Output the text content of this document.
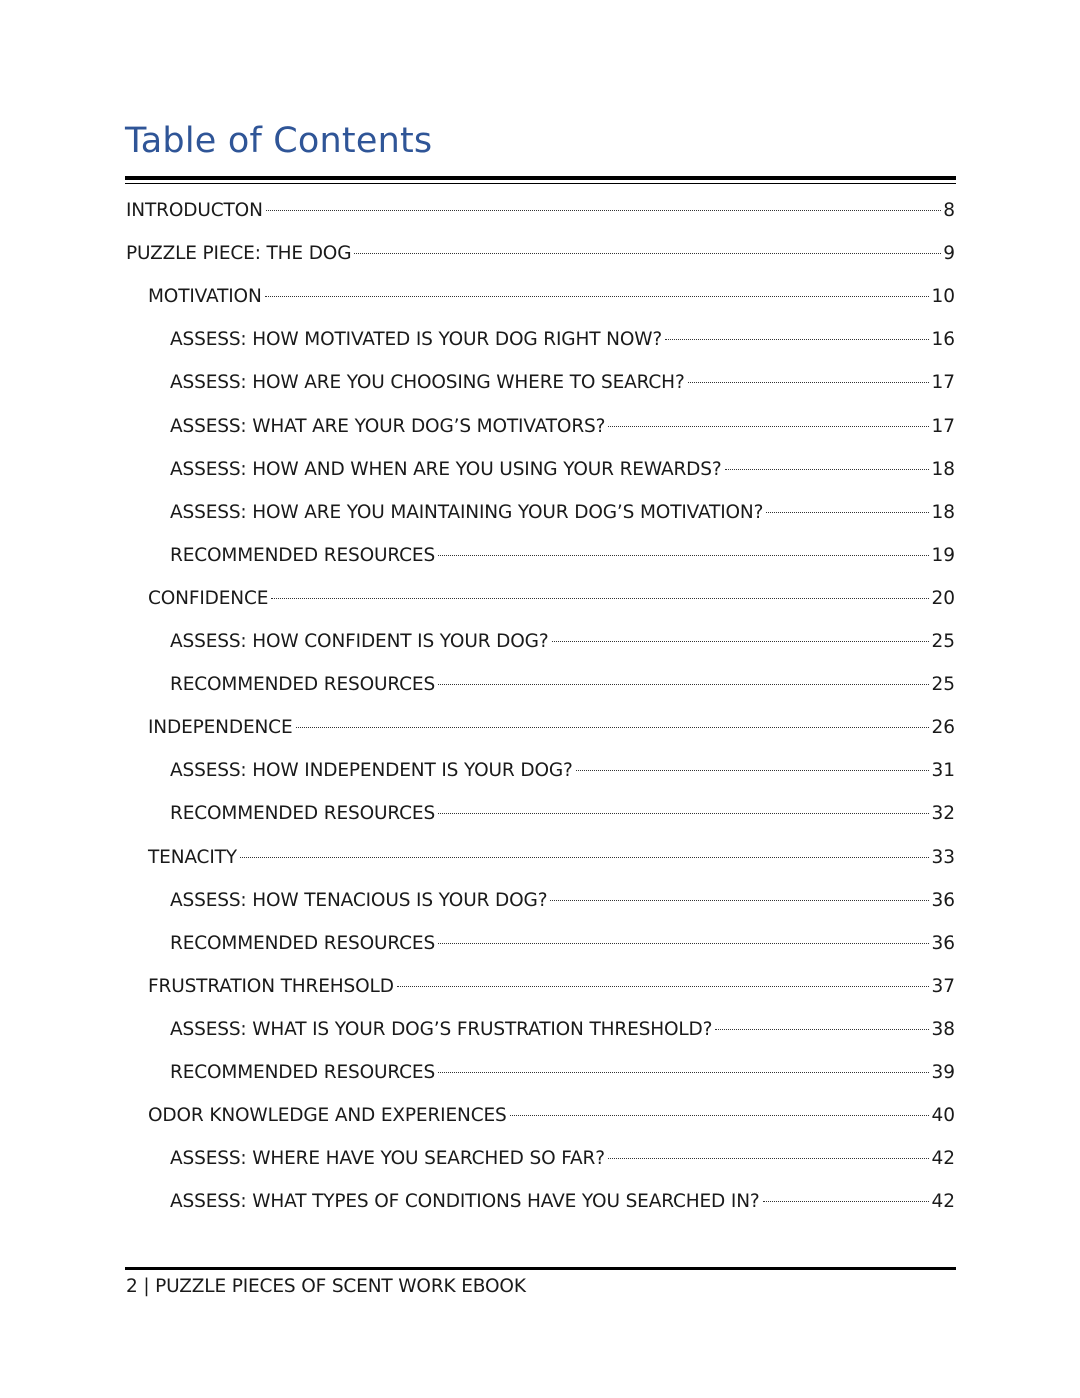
Table of Contents
INTRODUCTON	8
PUZZLE PIECE: THE DOG	9
MOTIVATION	10
ASSESS: HOW MOTIVATED IS YOUR DOG RIGHT NOW?	16
ASSESS: HOW ARE YOU CHOOSING WHERE TO SEARCH?	17
ASSESS: WHAT ARE YOUR DOG’S MOTIVATORS?	17
ASSESS: HOW AND WHEN ARE YOU USING YOUR REWARDS?	18
ASSESS: HOW ARE YOU MAINTAINING YOUR DOG’S MOTIVATION?	18
RECOMMENDED RESOURCES	19
CONFIDENCE	20
ASSESS: HOW CONFIDENT IS YOUR DOG?	25
RECOMMENDED RESOURCES	25
INDEPENDENCE	26
ASSESS: HOW INDEPENDENT IS YOUR DOG?	31
RECOMMENDED RESOURCES	32
TENACITY	33
ASSESS: HOW TENACIOUS IS YOUR DOG?	36
RECOMMENDED RESOURCES	36
FRUSTRATION THREHSOLD	37
ASSESS: WHAT IS YOUR DOG’S FRUSTRATION THRESHOLD?	38
RECOMMENDED RESOURCES	39
ODOR KNOWLEDGE AND EXPERIENCES	40
ASSESS: WHERE HAVE YOU SEARCHED SO FAR?	42
ASSESS: WHAT TYPES OF CONDITIONS HAVE YOU SEARCHED IN?	42
2 | PUZZLE PIECES OF SCENT WORK EBOOK
